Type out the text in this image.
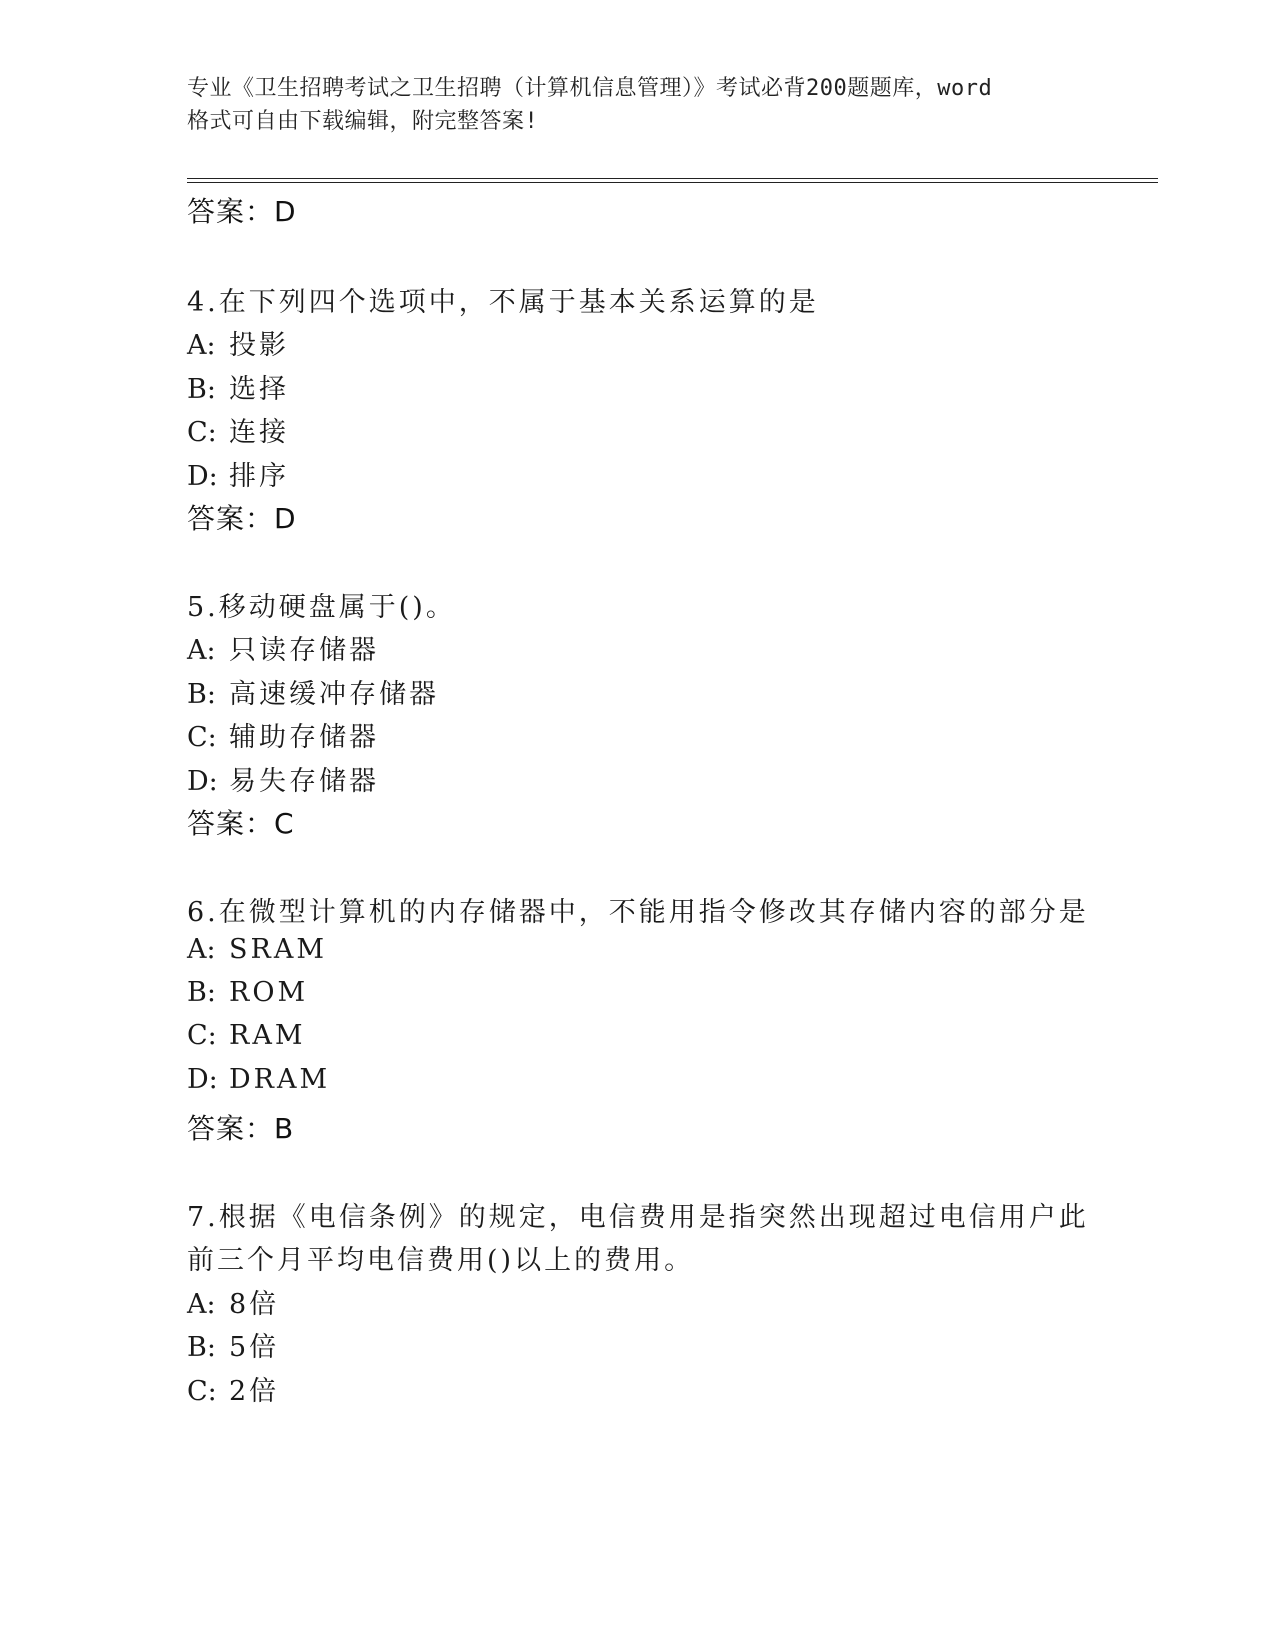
专业《卫生招聘考试之卫生招聘（计算机信息管理）》考试必背200题题库，word
格式可自由下载编辑，附完整答案!
答案：D
4.在下列四个选项中，不属于基本关系运算的是
A: 投影
B: 选择
C: 连接
D: 排序
答案：D
5.移动硬盘属于()。
A: 只读存储器
B: 高速缓冲存储器
C: 辅助存储器
D: 易失存储器
答案：C
6.在微型计算机的内存储器中，不能用指令修改其存储内容的部分是
A: SRAM
B: ROM
C: RAM
D: DRAM
答案：B
7.根据《电信条例》的规定，电信费用是指突然出现超过电信用户此
前三个月平均电信费用()以上的费用。
A: 8倍
B: 5倍
C: 2倍
